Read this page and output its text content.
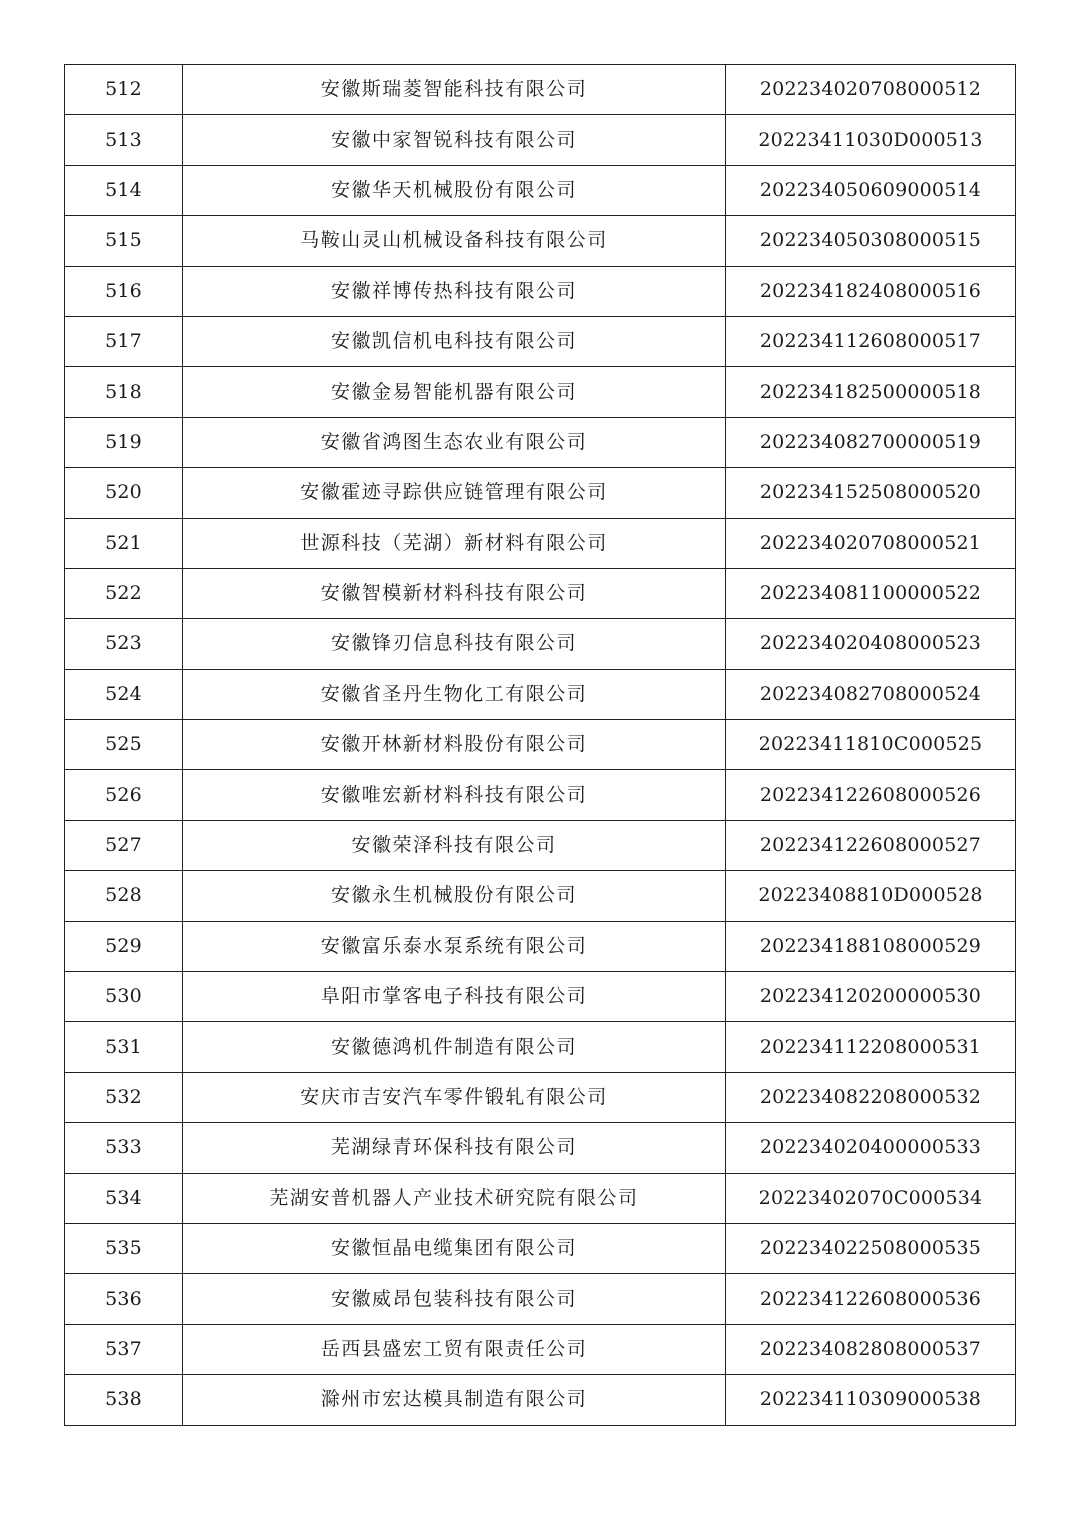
512	安徽斯瑞菱智能科技有限公司	202234020708000512
513	安徽中家智锐科技有限公司	20223411030D000513
514	安徽华天机械股份有限公司	202234050609000514
515	马鞍山灵山机械设备科技有限公司	202234050308000515
516	安徽祥博传热科技有限公司	202234182408000516
517	安徽凯信机电科技有限公司	202234112608000517
518	安徽金易智能机器有限公司	202234182500000518
519	安徽省鸿图生态农业有限公司	202234082700000519
520	安徽霍迹寻踪供应链管理有限公司	202234152508000520
521	世源科技（芜湖）新材料有限公司	202234020708000521
522	安徽智模新材料科技有限公司	202234081100000522
523	安徽锋刃信息科技有限公司	202234020408000523
524	安徽省圣丹生物化工有限公司	202234082708000524
525	安徽开林新材料股份有限公司	20223411810C000525
526	安徽唯宏新材料科技有限公司	202234122608000526
527	安徽荣泽科技有限公司	202234122608000527
528	安徽永生机械股份有限公司	20223408810D000528
529	安徽富乐泰水泵系统有限公司	202234188108000529
530	阜阳市掌客电子科技有限公司	202234120200000530
531	安徽德鸿机件制造有限公司	202234112208000531
532	安庆市吉安汽车零件锻轧有限公司	202234082208000532
533	芜湖绿青环保科技有限公司	202234020400000533
534	芜湖安普机器人产业技术研究院有限公司	20223402070C000534
535	安徽恒晶电缆集团有限公司	202234022508000535
536	安徽威昂包装科技有限公司	202234122608000536
537	岳西县盛宏工贸有限责任公司	202234082808000537
538	滁州市宏达模具制造有限公司	202234110309000538
